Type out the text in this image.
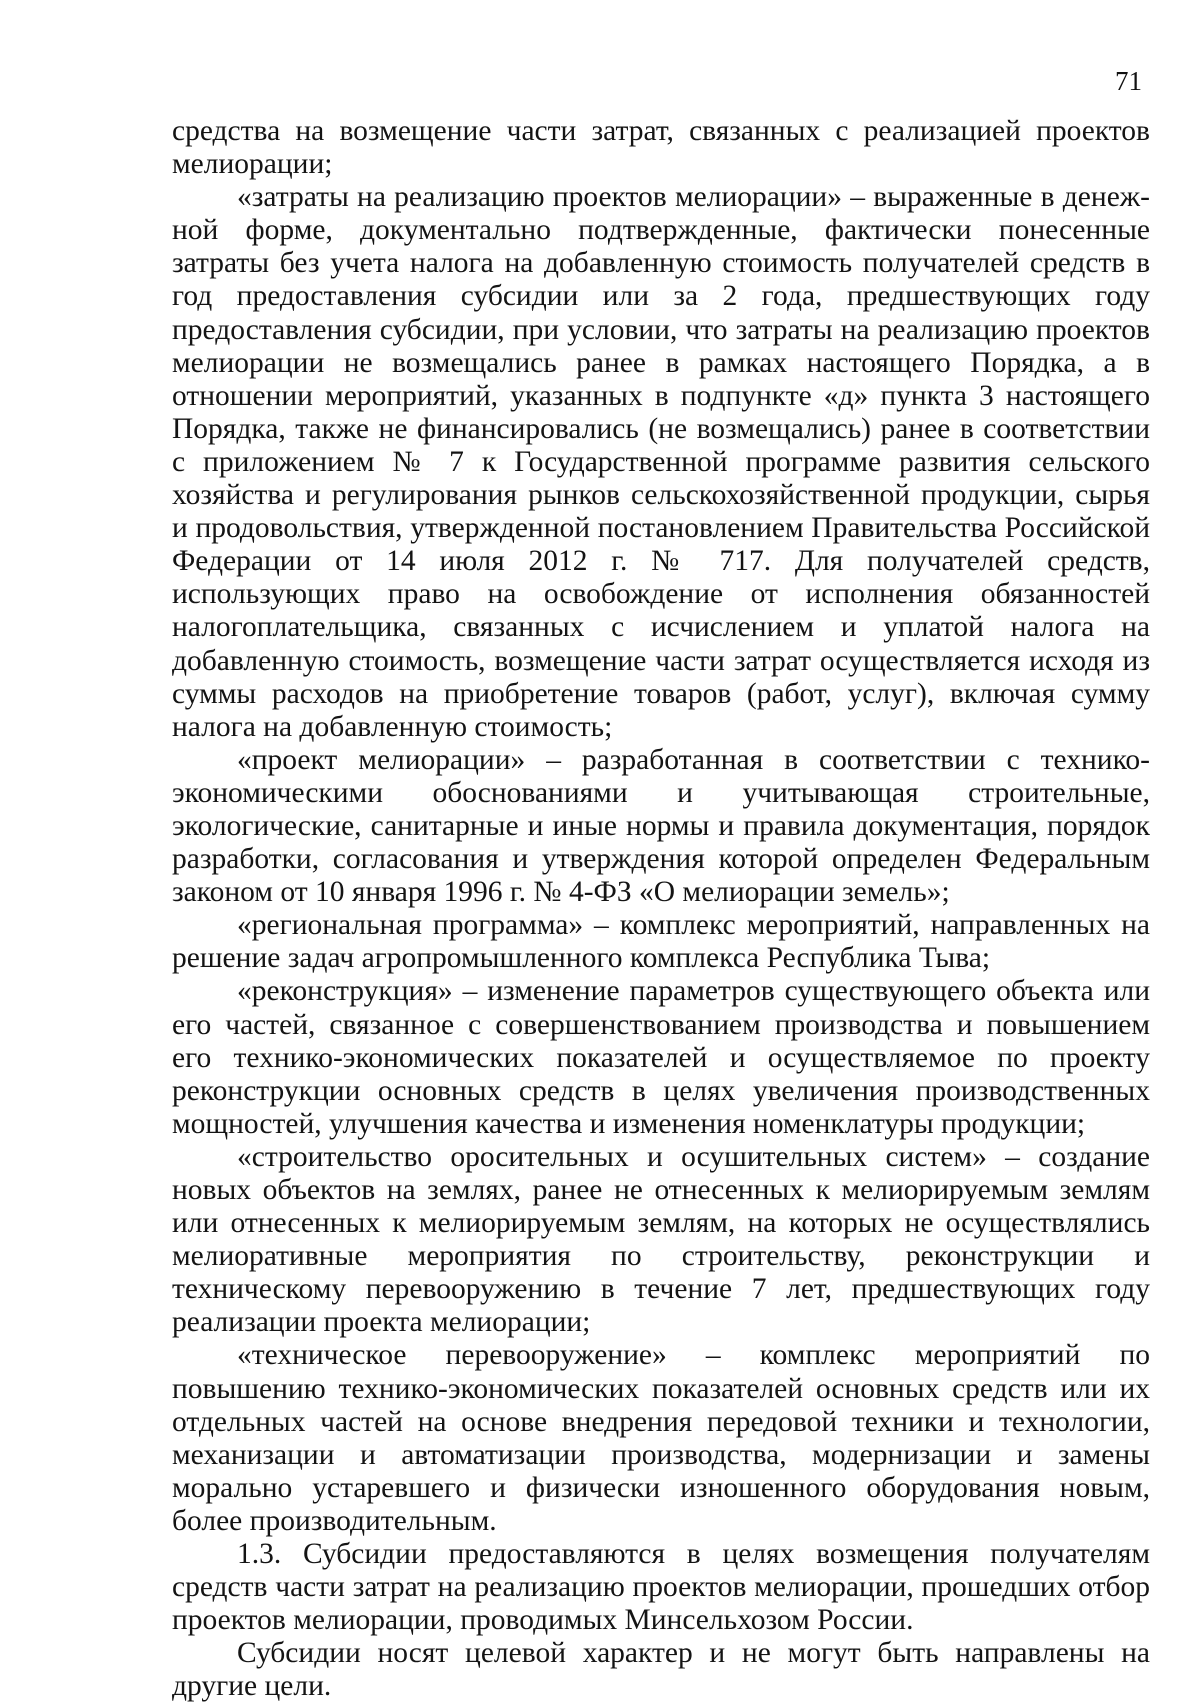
71

средства на возмещение части затрат, связанных с реализацией проектов мелиорации;

«затраты на реализацию проектов мелиорации» – выраженные в денежной форме, документально подтвержденные, фактически понесенные затраты без учета налога на добавленную стоимость получателей средств в год предоставления субсидии или за 2 года, предшествующих году предоставления субсидии, при условии, что затраты на реализацию проектов мелиорации не возмещались ранее в рамках настоящего Порядка, а в отношении мероприятий, указанных в подпункте «д» пункта 3 настоящего Порядка, также не финансировались (не возмещались) ранее в соответствии с приложением № 7 к Государственной программе развития сельского хозяйства и регулирования рынков сельскохозяйственной продукции, сырья и продовольствия, утвержденной постановлением Правительства Российской Федерации от 14 июля 2012 г. № 717. Для получателей средств, использующих право на освобождение от исполнения обязанностей налогоплательщика, связанных с исчислением и уплатой налога на добавленную стоимость, возмещение части затрат осуществляется исходя из суммы расходов на приобретение товаров (работ, услуг), включая сумму налога на добавленную стоимость;

«проект мелиорации» – разработанная в соответствии с технико-экономическими обоснованиями и учитывающая строительные, экологические, санитарные и иные нормы и правила документация, порядок разработки, согласования и утверждения которой определен Федеральным законом от 10 января 1996 г. № 4-ФЗ «О мелиорации земель»;

«региональная программа» – комплекс мероприятий, направленных на решение задач агропромышленного комплекса Республика Тыва;

«реконструкция» – изменение параметров существующего объекта или его частей, связанное с совершенствованием производства и повышением его технико-экономических показателей и осуществляемое по проекту реконструкции основных средств в целях увеличения производственных мощностей, улучшения качества и изменения номенклатуры продукции;

«строительство оросительных и осушительных систем» – создание новых объектов на землях, ранее не отнесенных к мелиорируемым землям или отнесенных к мелиорируемым землям, на которых не осуществлялись мелиоративные мероприятия по строительству, реконструкции и техническому перевооружению в течение 7 лет, предшествующих году реализации проекта мелиорации;

«техническое перевооружение» – комплекс мероприятий по повышению технико-экономических показателей основных средств или их отдельных частей на основе внедрения передовой техники и технологии, механизации и автоматизации производства, модернизации и замены морально устаревшего и физически изношенного оборудования новым, более производительным.

1.3. Субсидии предоставляются в целях возмещения получателям средств части затрат на реализацию проектов мелиорации, прошедших отбор проектов мелиорации, проводимых Минсельхозом России.

Субсидии носят целевой характер и не могут быть направлены на другие цели.
